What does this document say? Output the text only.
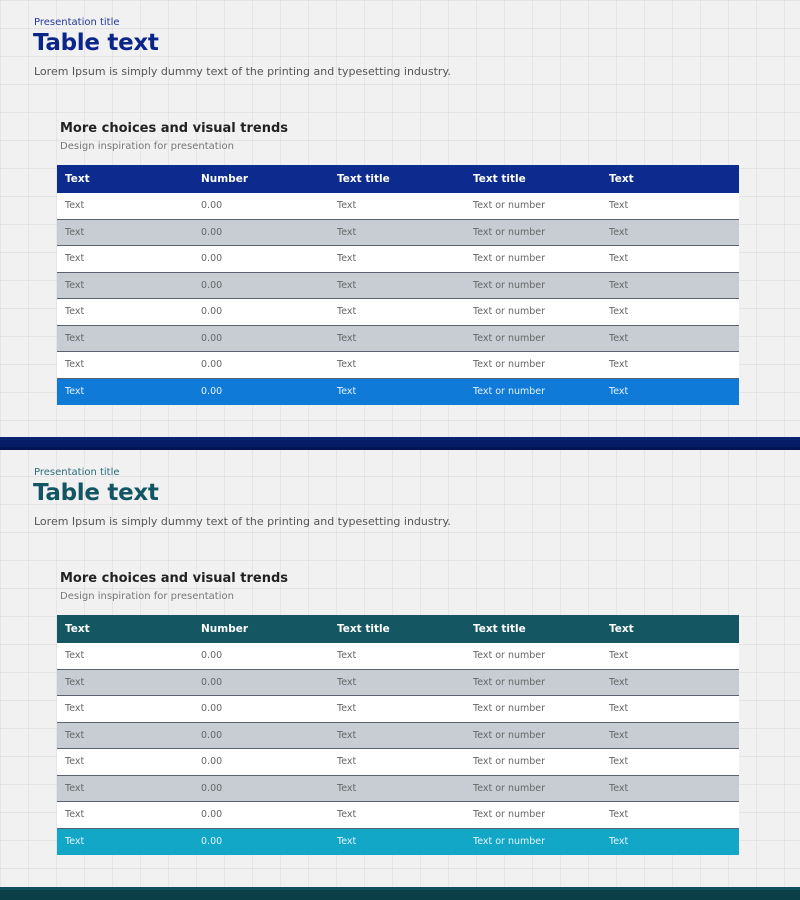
Presentation title
Table text
Lorem Ipsum is simply dummy text of the printing and typesetting industry.
More choices and visual trends
Design inspiration for presentation
Text	Number	Text title	Text title	Text
Text	0.00	Text	Text or number	Text
Text	0.00	Text	Text or number	Text
Text	0.00	Text	Text or number	Text
Text	0.00	Text	Text or number	Text
Text	0.00	Text	Text or number	Text
Text	0.00	Text	Text or number	Text
Text	0.00	Text	Text or number	Text
Text	0.00	Text	Text or number	Text
Presentation title
Table text
Lorem Ipsum is simply dummy text of the printing and typesetting industry.
More choices and visual trends
Design inspiration for presentation
Text	Number	Text title	Text title	Text
Text	0.00	Text	Text or number	Text
Text	0.00	Text	Text or number	Text
Text	0.00	Text	Text or number	Text
Text	0.00	Text	Text or number	Text
Text	0.00	Text	Text or number	Text
Text	0.00	Text	Text or number	Text
Text	0.00	Text	Text or number	Text
Text	0.00	Text	Text or number	Text
